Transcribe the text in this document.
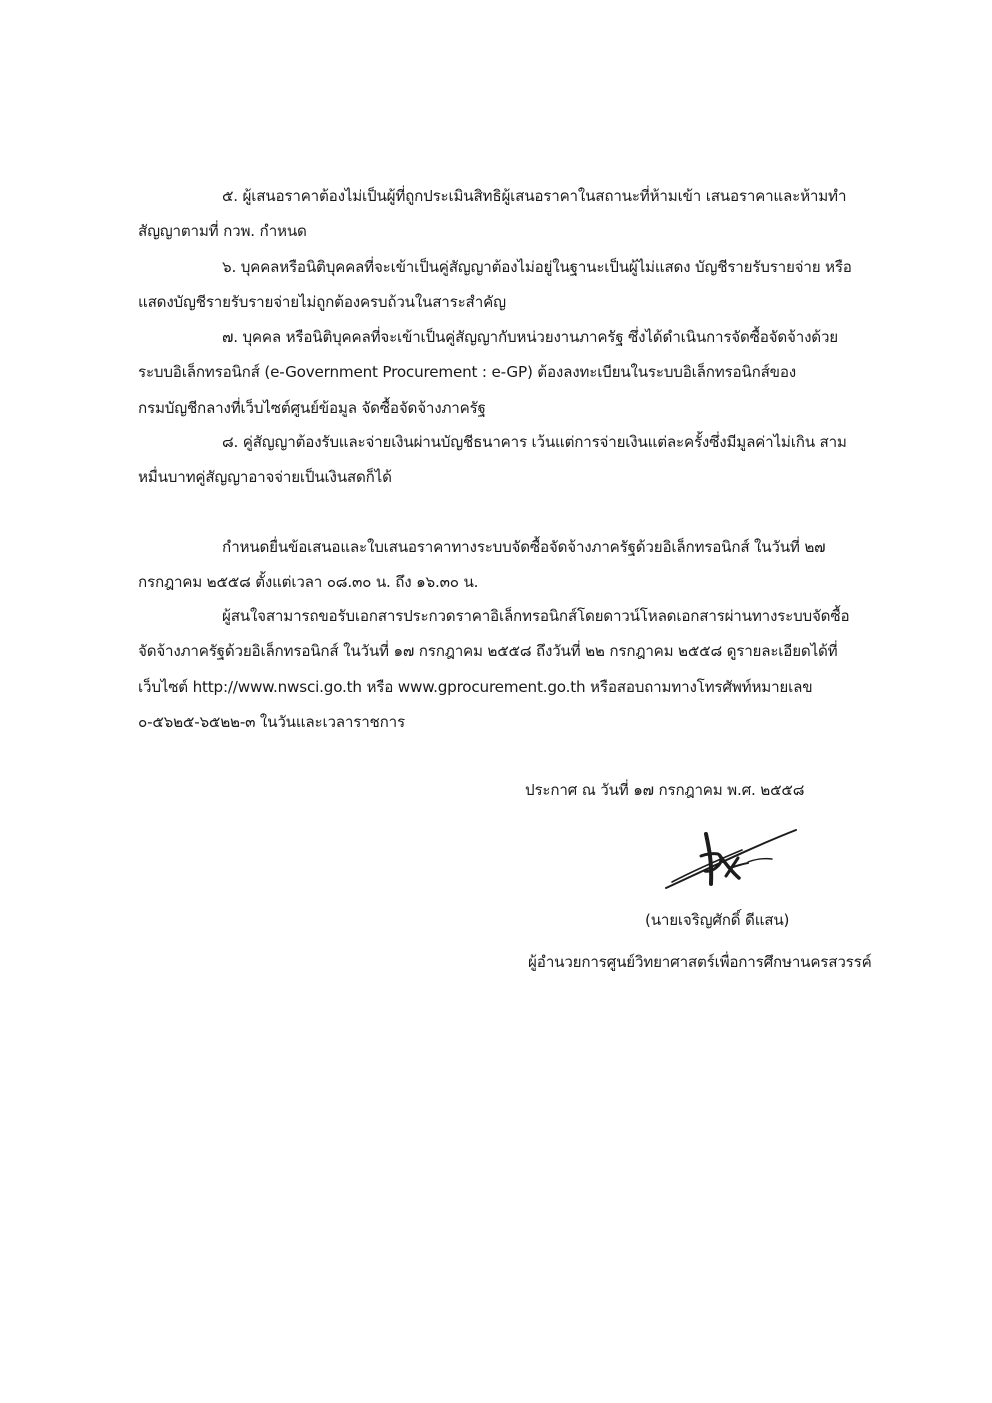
๕. ผู้เสนอราคาต้องไม่เป็นผู้ที่ถูกประเมินสิทธิผู้เสนอราคาในสถานะที่ห้ามเข้า เสนอราคาและห้ามทำ
สัญญาตามที่ กวพ. กำหนด
๖. บุคคลหรือนิติบุคคลที่จะเข้าเป็นคู่สัญญาต้องไม่อยู่ในฐานะเป็นผู้ไม่แสดง บัญชีรายรับรายจ่าย หรือ
แสดงบัญชีรายรับรายจ่ายไม่ถูกต้องครบถ้วนในสาระสำคัญ
๗. บุคคล หรือนิติบุคคลที่จะเข้าเป็นคู่สัญญากับหน่วยงานภาครัฐ ซึ่งได้ดำเนินการจัดซื้อจัดจ้างด้วย
ระบบอิเล็กทรอนิกส์ (e-Government Procurement : e-GP) ต้องลงทะเบียนในระบบอิเล็กทรอนิกส์ของ
กรมบัญชีกลางที่เว็บไซต์ศูนย์ข้อมูล จัดซื้อจัดจ้างภาครัฐ
๘. คู่สัญญาต้องรับและจ่ายเงินผ่านบัญชีธนาคาร เว้นแต่การจ่ายเงินแต่ละครั้งซึ่งมีมูลค่าไม่เกิน สาม
หมื่นบาทคู่สัญญาอาจจ่ายเป็นเงินสดก็ได้
กำหนดยื่นข้อเสนอและใบเสนอราคาทางระบบจัดซื้อจัดจ้างภาครัฐด้วยอิเล็กทรอนิกส์ ในวันที่ ๒๗
กรกฎาคม ๒๕๕๘ ตั้งแต่เวลา ๐๘.๓๐ น. ถึง ๑๖.๓๐ น.
ผู้สนใจสามารถขอรับเอกสารประกวดราคาอิเล็กทรอนิกส์โดยดาวน์โหลดเอกสารผ่านทางระบบจัดซื้อ
จัดจ้างภาครัฐด้วยอิเล็กทรอนิกส์ ในวันที่ ๑๗ กรกฎาคม ๒๕๕๘ ถึงวันที่ ๒๒ กรกฎาคม ๒๕๕๘ ดูรายละเอียดได้ที่
เว็บไซต์ http://www.nwsci.go.th หรือ www.gprocurement.go.th หรือสอบถามทางโทรศัพท์หมายเลข
๐-๕๖๒๕-๖๕๒๒-๓ ในวันและเวลาราชการ
ประกาศ ณ วันที่ ๑๗ กรกฎาคม พ.ศ. ๒๕๕๘
(นายเจริญศักดิ์ ดีแสน)
ผู้อำนวยการศูนย์วิทยาศาสตร์เพื่อการศึกษานครสวรรค์
